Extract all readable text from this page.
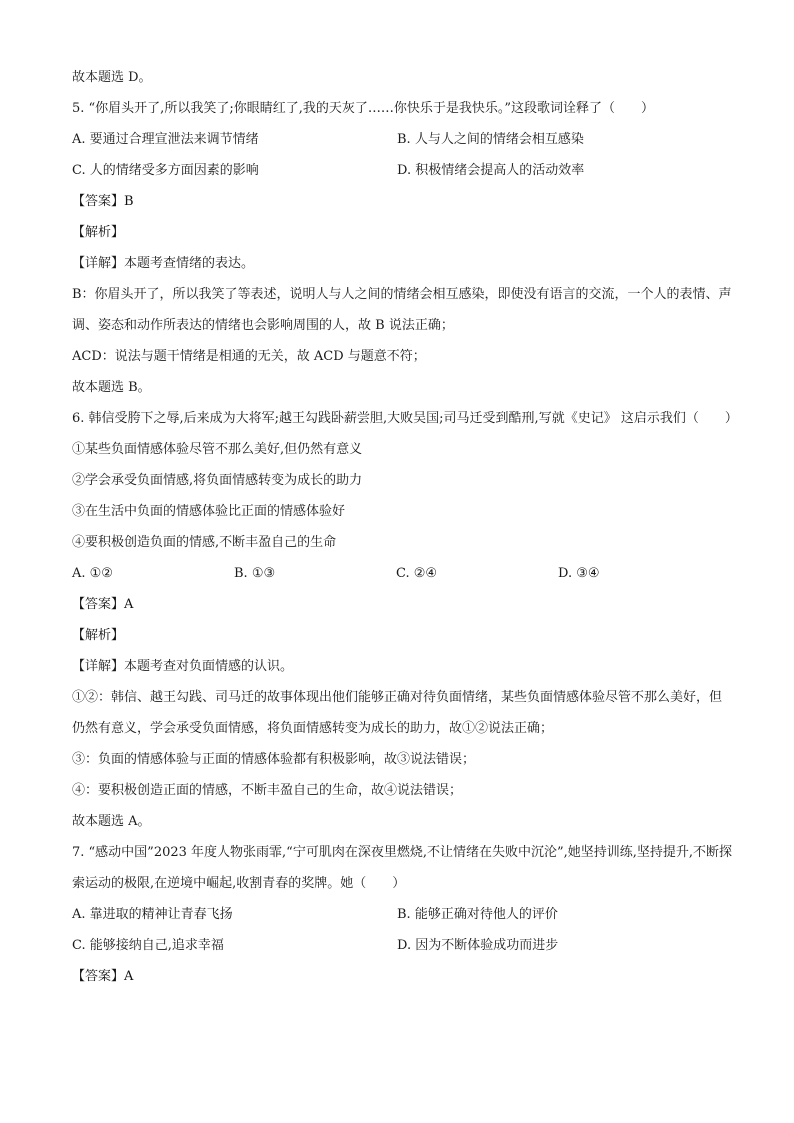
故本题选 D。
5. “你眉头开了,所以我笑了;你眼睛红了,我的天灰了……你快乐于是我快乐。”这段歌词诠释了（　　）
A. 要通过合理宣泄法来调节情绪	B. 人与人之间的情绪会相互感染
C. 人的情绪受多方面因素的影响	D. 积极情绪会提高人的活动效率
【答案】B
【解析】
【详解】本题考查情绪的表达。
B：你眉头开了，所以我笑了等表述，说明人与人之间的情绪会相互感染，即使没有语言的交流，一个人的表情、声调、姿态和动作所表达的情绪也会影响周围的人，故 B 说法正确；
ACD：说法与题干情绪是相通的无关，故 ACD 与题意不符；
故本题选 B。
6. 韩信受胯下之辱,后来成为大将军;越王勾践卧薪尝胆,大败吴国;司马迁受到酷刑,写就《史记》 这启示我们（　　）
①某些负面情感体验尽管不那么美好,但仍然有意义
②学会承受负面情感,将负面情感转变为成长的助力
③在生活中负面的情感体验比正面的情感体验好
④要积极创造负面的情感,不断丰盈自己的生命
A. ①②	B. ①③	C. ②④	D. ③④
【答案】A
【解析】
【详解】本题考查对负面情感的认识。
①②：韩信、越王勾践、司马迁的故事体现出他们能够正确对待负面情绪，某些负面情感体验尽管不那么美好，但仍然有意义，学会承受负面情感，将负面情感转变为成长的助力，故①②说法正确；
③：负面的情感体验与正面的情感体验都有积极影响，故③说法错误；
④：要积极创造正面的情感，不断丰盈自己的生命，故④说法错误；
故本题选 A。
7. “感动中国”2023 年度人物张雨霏,“宁可肌肉在深夜里燃烧,不让情绪在失败中沉沦”,她坚持训练,坚持提升,不断探索运动的极限,在逆境中崛起,收割青春的奖牌。她（　　）
A. 靠进取的精神让青春飞扬	B. 能够正确对待他人的评价
C. 能够接纳自己,追求幸福	D. 因为不断体验成功而进步
【答案】A
